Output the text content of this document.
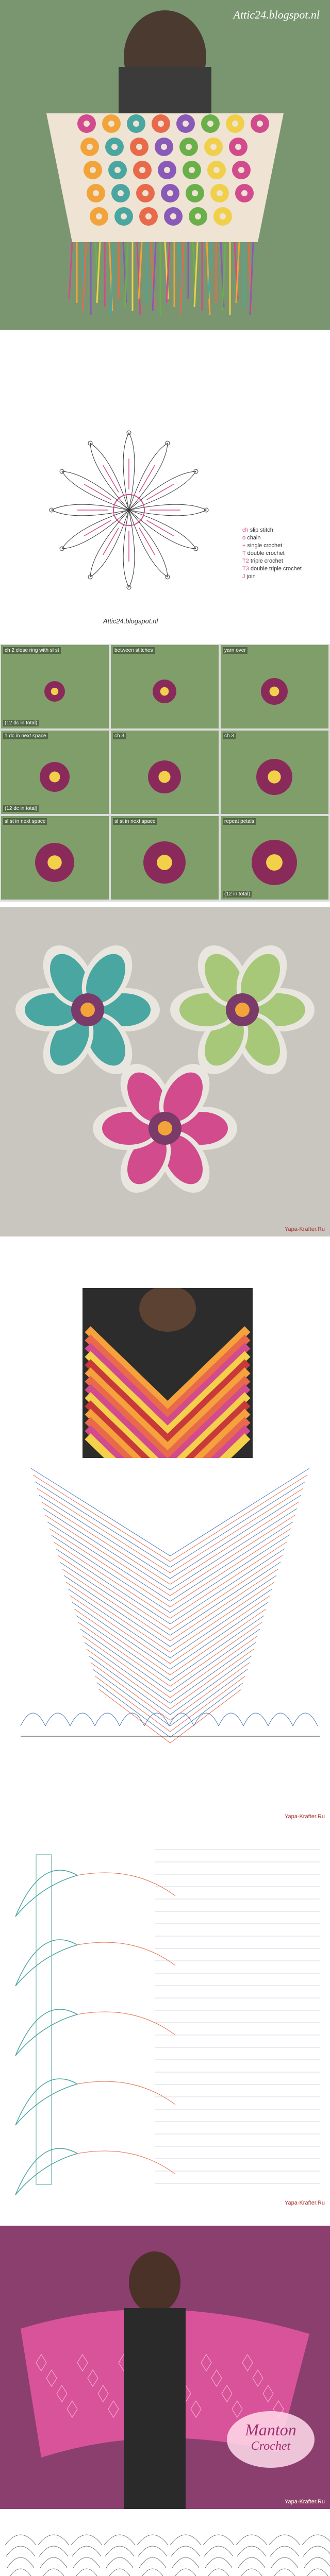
Attic24.blogspot.nl
Attic24.blogspot.nl
ch slip stitch
o chain
+ single crochet
T double crochet
T2 triple crochet
T3 double triple crochet
J join
ch 2 close ring with sl st
(12 dc in total)
between stitches	yarn over
1 dc in next space
(12 dc in total)
ch 3	ch 3
sl st in next space	sl st in next space	repeat petals
(12 in total)
Yapa-Krafter.Ru
Yapa-Krafter.Ru
Yapa-Krafter.Ru
Manton
Crochet
Yapa-Krafter.Ru
